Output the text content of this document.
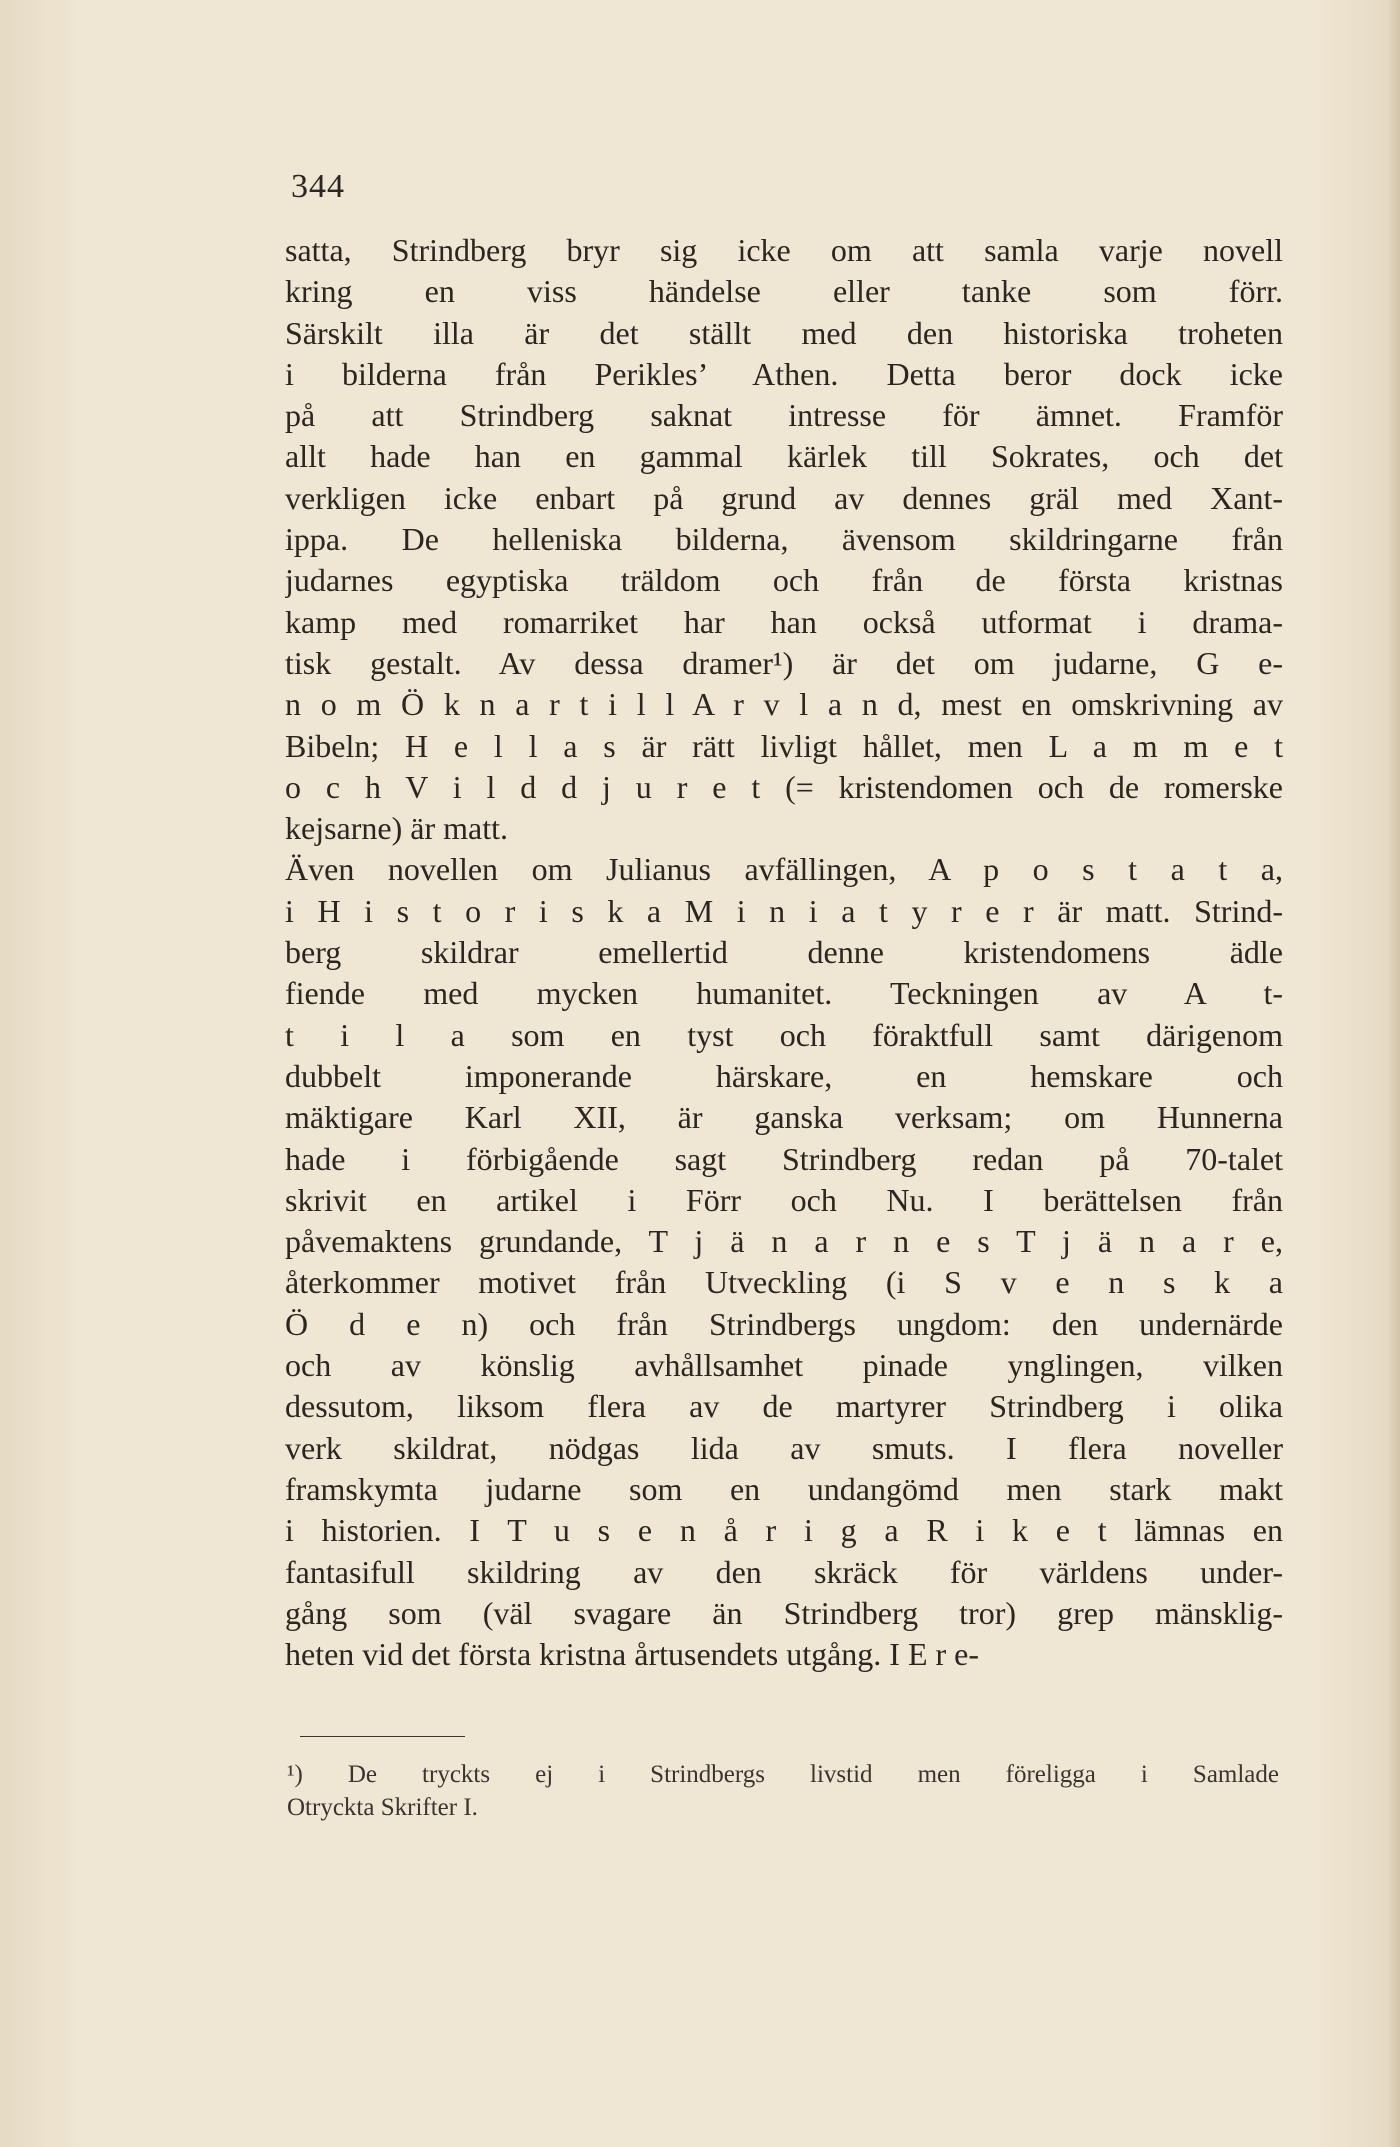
344
satta, Strindberg bryr sig icke om att samla varje novell
kring en viss händelse eller tanke som förr.
Särskilt illa är det ställt med den historiska troheten
i bilderna från Perikles’ Athen. Detta beror dock icke
på att Strindberg saknat intresse för ämnet. Framför
allt hade han en gammal kärlek till Sokrates, och det
verkligen icke enbart på grund av dennes gräl med Xant-
ippa. De helleniska bilderna, ävensom skildringarne från
judarnes egyptiska träldom och från de första kristnas
kamp med romarriket har han också utformat i drama-
tisk gestalt. Av dessa dramer¹) är det om judarne, G e-
n o m Ö k n a r t i l l A r v l a n d, mest en omskrivning av
Bibeln; H e l l a s är rätt livligt hållet, men L a m m e t
o c h V i l d d j u r e t (= kristendomen och de romerske
kejsarne) är matt.
Även novellen om Julianus avfällingen, A p o s t a t a,
i H i s t o r i s k a M i n i a t y r e r är matt. Strind-
berg skildrar emellertid denne kristendomens ädle
fiende med mycken humanitet. Teckningen av A t-
t i l a som en tyst och föraktfull samt därigenom
dubbelt imponerande härskare, en hemskare och
mäktigare Karl XII, är ganska verksam; om Hunnerna
hade i förbigående sagt Strindberg redan på 70-talet
skrivit en artikel i Förr och Nu. I berättelsen från
påvemaktens grundande, T j ä n a r n e s T j ä n a r e,
återkommer motivet från Utveckling (i S v e n s k a
Ö d e n) och från Strindbergs ungdom: den undernärde
och av könslig avhållsamhet pinade ynglingen, vilken
dessutom, liksom flera av de martyrer Strindberg i olika
verk skildrat, nödgas lida av smuts. I flera noveller
framskymta judarne som en undangömd men stark makt
i historien. I T u s e n å r i g a R i k e t lämnas en
fantasifull skildring av den skräck för världens under-
gång som (väl svagare än Strindberg tror) grep mänsklig-
heten vid det första kristna årtusendets utgång. I E r e-
¹) De tryckts ej i Strindbergs livstid men föreligga i Samlade
Otryckta Skrifter I.
